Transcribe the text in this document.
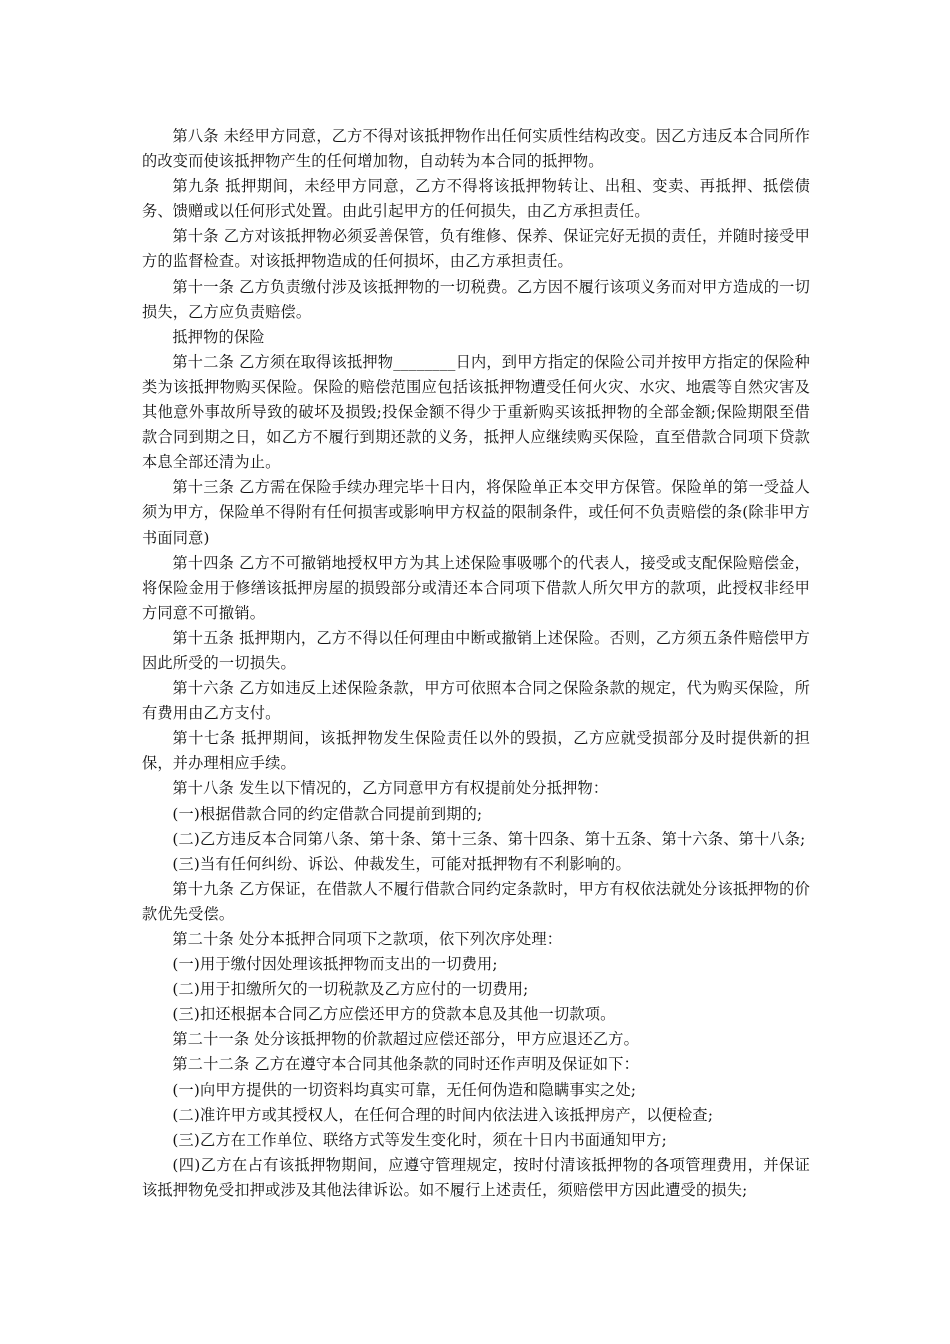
第八条 未经甲方同意，乙方不得对该抵押物作出任何实质性结构改变。因乙方违反本合同所作的改变而使该抵押物产生的任何增加物，自动转为本合同的抵押物。

第九条 抵押期间，未经甲方同意，乙方不得将该抵押物转让、出租、变卖、再抵押、抵偿债务、馈赠或以任何形式处置。由此引起甲方的任何损失，由乙方承担责任。

第十条 乙方对该抵押物必须妥善保管，负有维修、保养、保证完好无损的责任，并随时接受甲方的监督检查。对该抵押物造成的任何损坏，由乙方承担责任。

第十一条 乙方负责缴付涉及该抵押物的一切税费。乙方因不履行该项义务而对甲方造成的一切损失，乙方应负责赔偿。

抵押物的保险

第十二条 乙方须在取得该抵押物________日内，到甲方指定的保险公司并按甲方指定的保险种类为该抵押物购买保险。保险的赔偿范围应包括该抵押物遭受任何火灾、水灾、地震等自然灾害及其他意外事故所导致的破坏及损毁;投保金额不得少于重新购买该抵押物的全部金额;保险期限至借款合同到期之日，如乙方不履行到期还款的义务，抵押人应继续购买保险，直至借款合同项下贷款本息全部还清为止。

第十三条 乙方需在保险手续办理完毕十日内，将保险单正本交甲方保管。保险单的第一受益人须为甲方，保险单不得附有任何损害或影响甲方权益的限制条件，或任何不负责赔偿的条(除非甲方书面同意)

第十四条 乙方不可撤销地授权甲方为其上述保险事吸哪个的代表人，接受或支配保险赔偿金，将保险金用于修缮该抵押房屋的损毁部分或清还本合同项下借款人所欠甲方的款项，此授权非经甲方同意不可撤销。

第十五条 抵押期内，乙方不得以任何理由中断或撤销上述保险。否则，乙方须五条件赔偿甲方因此所受的一切损失。

第十六条 乙方如违反上述保险条款，甲方可依照本合同之保险条款的规定，代为购买保险，所有费用由乙方支付。

第十七条 抵押期间，该抵押物发生保险责任以外的毁损，乙方应就受损部分及时提供新的担保，并办理相应手续。

第十八条 发生以下情况的，乙方同意甲方有权提前处分抵押物：

(一)根据借款合同的约定借款合同提前到期的;

(二)乙方违反本合同第八条、第十条、第十三条、第十四条、第十五条、第十六条、第十八条;

(三)当有任何纠纷、诉讼、仲裁发生，可能对抵押物有不利影响的。

第十九条 乙方保证，在借款人不履行借款合同约定条款时，甲方有权依法就处分该抵押物的价款优先受偿。

第二十条 处分本抵押合同项下之款项，依下列次序处理：

(一)用于缴付因处理该抵押物而支出的一切费用;

(二)用于扣缴所欠的一切税款及乙方应付的一切费用;

(三)扣还根据本合同乙方应偿还甲方的贷款本息及其他一切款项。

第二十一条 处分该抵押物的价款超过应偿还部分，甲方应退还乙方。

第二十二条 乙方在遵守本合同其他条款的同时还作声明及保证如下：

(一)向甲方提供的一切资料均真实可靠，无任何伪造和隐瞒事实之处;

(二)准许甲方或其授权人，在任何合理的时间内依法进入该抵押房产，以便检查;

(三)乙方在工作单位、联络方式等发生变化时，须在十日内书面通知甲方;

(四)乙方在占有该抵押物期间，应遵守管理规定，按时付清该抵押物的各项管理费用，并保证该抵押物免受扣押或涉及其他法律诉讼。如不履行上述责任，须赔偿甲方因此遭受的损失;
